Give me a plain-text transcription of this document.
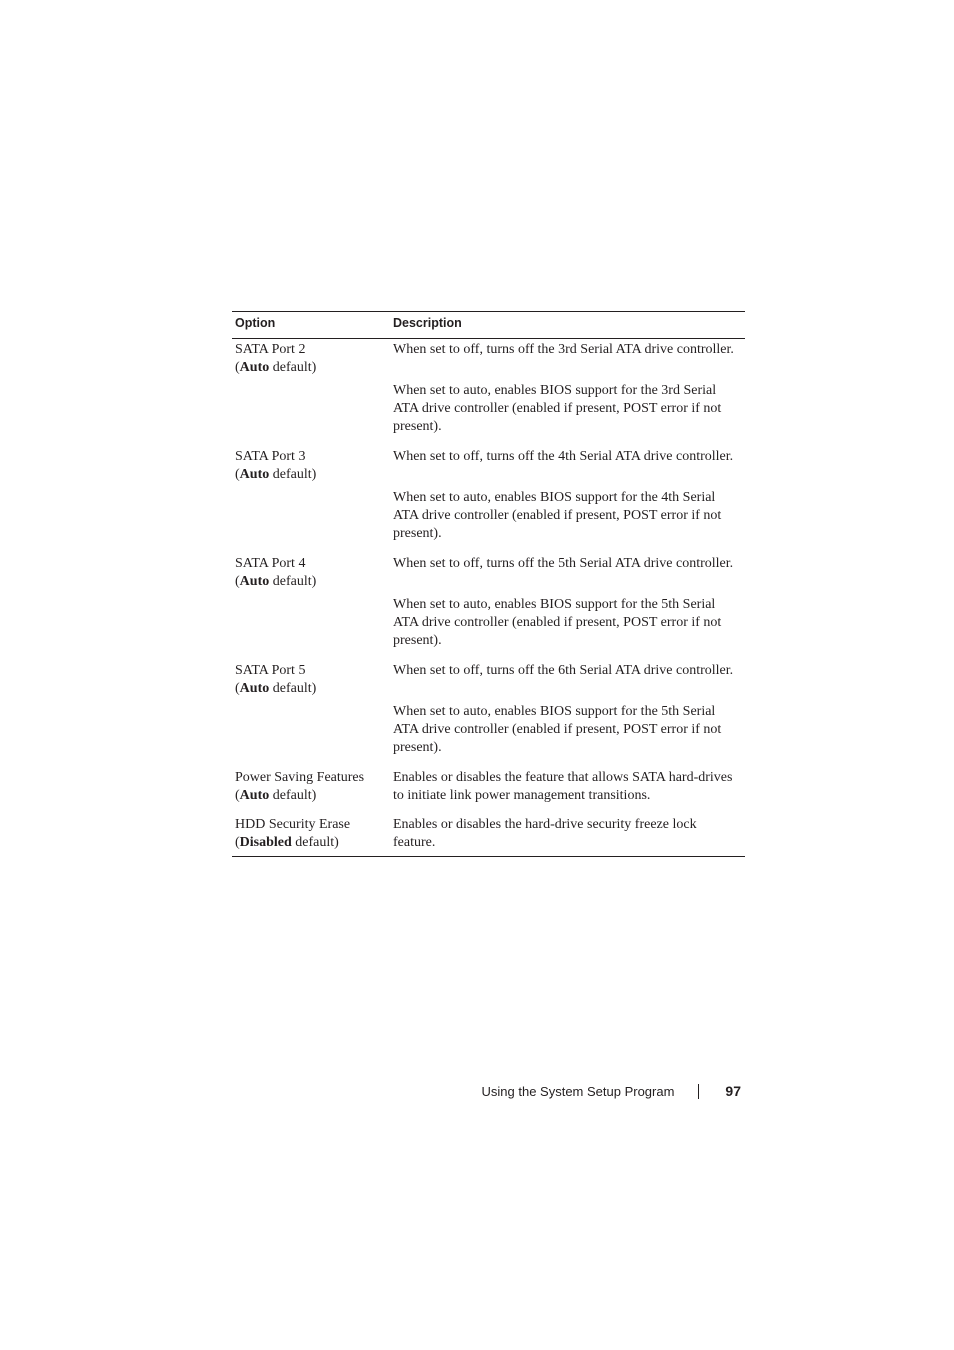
Option	Description
SATA Port 2
(Auto default)	When set to off, turns off the 3rd Serial ATA drive controller.

	When set to auto, enables BIOS support for the 3rd Serial ATA drive controller (enabled if present, POST error if not present).

SATA Port 3
(Auto default)	When set to off, turns off the 4th Serial ATA drive controller.

	When set to auto, enables BIOS support for the 4th Serial ATA drive controller (enabled if present, POST error if not present).

SATA Port 4
(Auto default)	When set to off, turns off the 5th Serial ATA drive controller.

	When set to auto, enables BIOS support for the 5th Serial ATA drive controller (enabled if present, POST error if not present).

SATA Port 5
(Auto default)	When set to off, turns off the 6th Serial ATA drive controller.

	When set to auto, enables BIOS support for the 5th Serial ATA drive controller (enabled if present, POST error if not present).

Power Saving Features
(Auto default)	Enables or disables the feature that allows SATA hard-drives to initiate link power management transitions.

HDD Security Erase
(Disabled default)	Enables or disables the hard-drive security freeze lock feature.
Using the System Setup Program	97
